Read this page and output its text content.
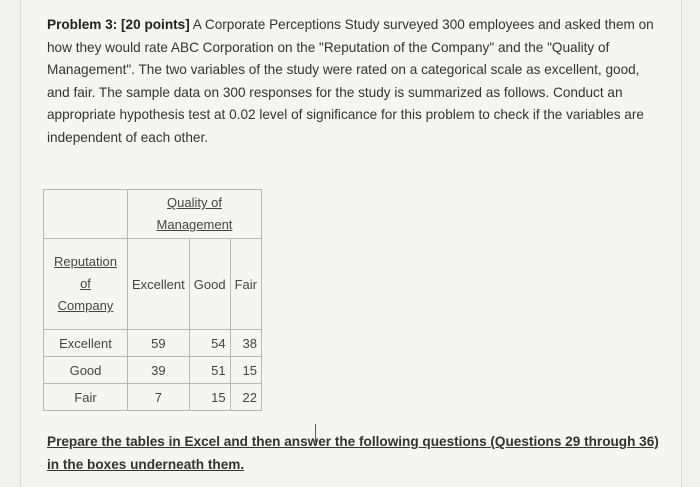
Problem 3: [20 points] A Corporate Perceptions Study surveyed 300 employees and asked them on how they would rate ABC Corporation on the "Reputation of the Company" and the "Quality of Management". The two variables of the study were rated on a categorical scale as excellent, good, and fair. The sample data on 300 responses for the study is summarized as follows. Conduct an appropriate hypothesis test at 0.02 level of significance for this problem to check if the variables are independent of each other.
	Quality of
Management		
Reputation
of
Company	Excellent	Good	Fair
Excellent	59	54	38
Good	39	51	15
Fair	7	15	22
Prepare the tables in Excel and then answer the following questions (Questions 29 through 36) in the boxes underneath them.
